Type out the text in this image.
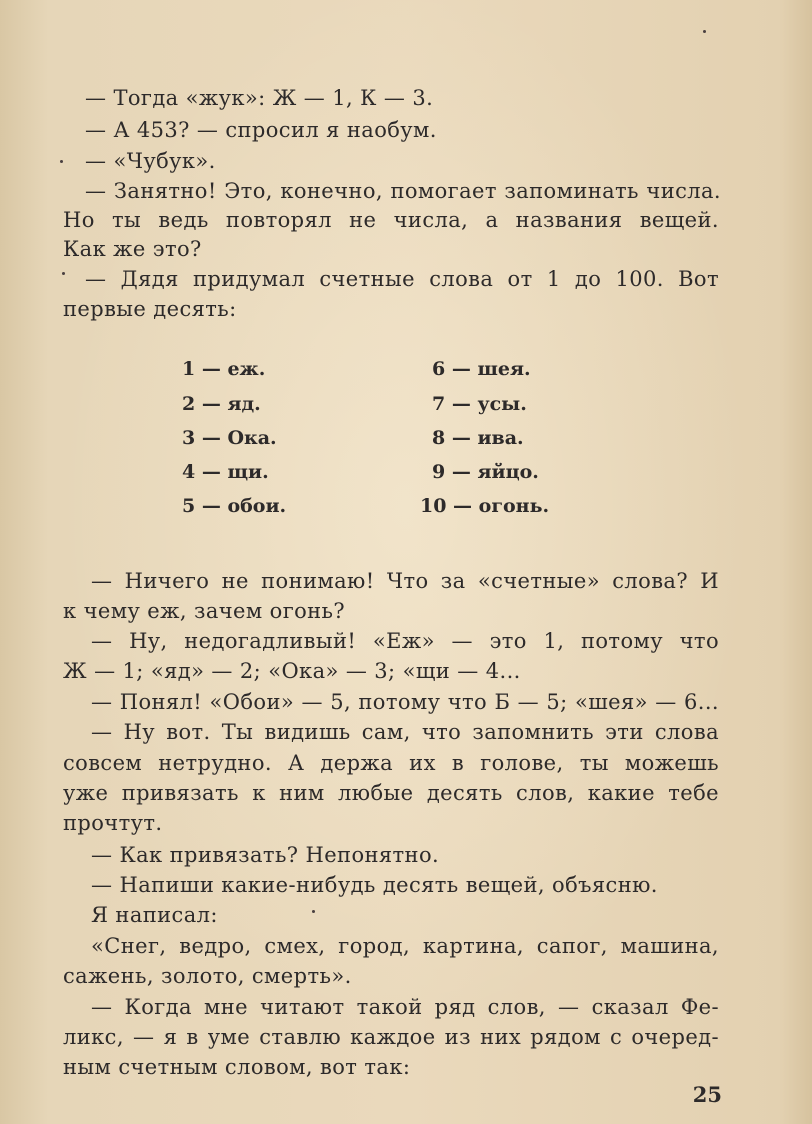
— Тогда «жук»: Ж — 1, К — 3.
— А 453? — спросил я наобум.
— «Чубук».
— Занятно! Это, конечно, помогает запоминать числа.
Но ты ведь повторял не числа, а названия вещей.
Как же это?
— Дядя придумал счетные слова от 1 до 100. Вот
первые десять:
1 — еж.
2 — яд.
3 — Ока.
4 — щи.
5 — обои.
6 — шея.
7 — усы.
8 — ива.
9 — яйцо.
10 — огонь.
— Ничего не понимаю! Что за «счетные» слова? И
к чему еж, зачем огонь?
— Ну, недогадливый! «Еж» — это 1, потому что
Ж — 1; «яд» — 2; «Ока» — 3; «щи — 4...
— Понял! «Обои» — 5, потому что Б — 5; «шея» — 6...
— Ну вот. Ты видишь сам, что запомнить эти слова
совсем нетрудно. А держа их в голове, ты можешь
уже привязать к ним любые десять слов, какие тебе
прочтут.
— Как привязать? Непонятно.
— Напиши какие-нибудь десять вещей, объясню.
Я написал:
«Снег, ведро, смех, город, картина, сапог, машина,
сажень, золото, смерть».
— Когда мне читают такой ряд слов, — сказал Фе-
ликс, — я в уме ставлю каждое из них рядом с очеред-
ным счетным словом, вот так:
25
